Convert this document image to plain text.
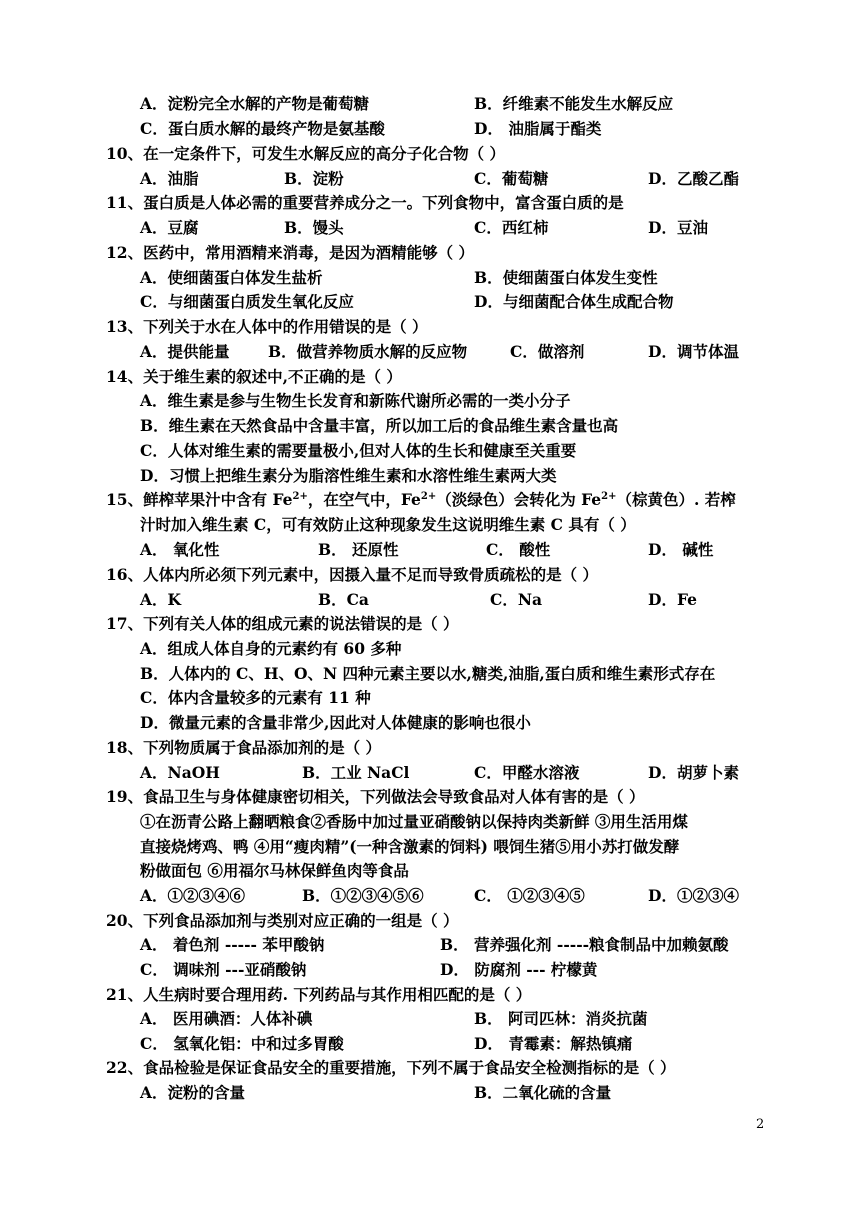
A．淀粉完全水解的产物是葡萄糖	B．纤维素不能发生水解反应
C．蛋白质水解的最终产物是氨基酸	D． 油脂属于酯类
10、在一定条件下，可发生水解反应的高分子化合物（ ）
A．油脂	B．淀粉	C．葡萄糖	D．乙酸乙酯
11、蛋白质是人体必需的重要营养成分之一。下列食物中，富含蛋白质的是
A．豆腐	B．馒头	C．西红柿	D．豆油
12、医药中，常用酒精来消毒，是因为酒精能够（ ）
A．使细菌蛋白体发生盐析	B．使细菌蛋白体发生变性
C．与细菌蛋白质发生氧化反应	D．与细菌配合体生成配合物
13、下列关于水在人体中的作用错误的是（ ）
A．提供能量 B．做营养物质水解的反应物	C．做溶剂	D．调节体温
14、关于维生素的叙述中,不正确的是（ ）
A．维生素是参与生物生长发育和新陈代谢所必需的一类小分子
B．维生素在天然食品中含量丰富，所以加工后的食品维生素含量也高
C．人体对维生素的需要量极小,但对人体的生长和健康至关重要
D．习惯上把维生素分为脂溶性维生素和水溶性维生素两大类
15、鲜榨苹果汁中含有 $Fe^{2+}$，在空气中，$Fe^{2+}$（淡绿色）会转化为 $Fe^{2+}$（棕黄色）. 若榨
汁时加入维生素 C，可有效防止这种现象发生这说明维生素 C 具有（ ）
A． 氧化性	B． 还原性	C． 酸性	D． 碱性
16、人体内所必须下列元素中，因摄入量不足而导致骨质疏松的是（ ）
A．K	B．Ca	C．Na	D．Fe
17、下列有关人体的组成元素的说法错误的是（ ）
A．组成人体自身的元素约有 60 多种
B．人体内的 C、H、O、N 四种元素主要以水,糖类,油脂,蛋白质和维生素形式存在
C．体内含量较多的元素有 11 种
D．微量元素的含量非常少,因此对人体健康的影响也很小
18、下列物质属于食品添加剂的是（ ）
A．NaOH	B．工业 NaCl	C．甲醛水溶液	D．胡萝卜素
19、食品卫生与身体健康密切相关，下列做法会导致食品对人体有害的是（ ）
①在沥青公路上翻晒粮食②香肠中加过量亚硝酸钠以保持肉类新鲜 ③用生活用煤
直接烧烤鸡、鸭 ④用“瘦肉精”(一种含激素的饲料) 喂饲生猪⑤用小苏打做发酵
粉做面包 ⑥用福尔马林保鲜鱼肉等食品
A．①②③④⑥	B．①②③④⑤⑥	C． ①②③④⑤	D．①②③④
20、下列食品添加剂与类别对应正确的一组是（ ）
A． 着色剂 ----- 苯甲酸钠	B． 营养强化剂 -----粮食制品中加赖氨酸
C． 调味剂 ---亚硝酸钠	D． 防腐剂 --- 柠檬黄
21、人生病时要合理用药. 下列药品与其作用相匹配的是（ ）
A． 医用碘酒：人体补碘	B． 阿司匹林：消炎抗菌
C． 氢氧化铝：中和过多胃酸	D． 青霉素：解热镇痛
22、食品检验是保证食品安全的重要措施，下列不属于食品安全检测指标的是（ ）
A．淀粉的含量	B．二氧化硫的含量
2
